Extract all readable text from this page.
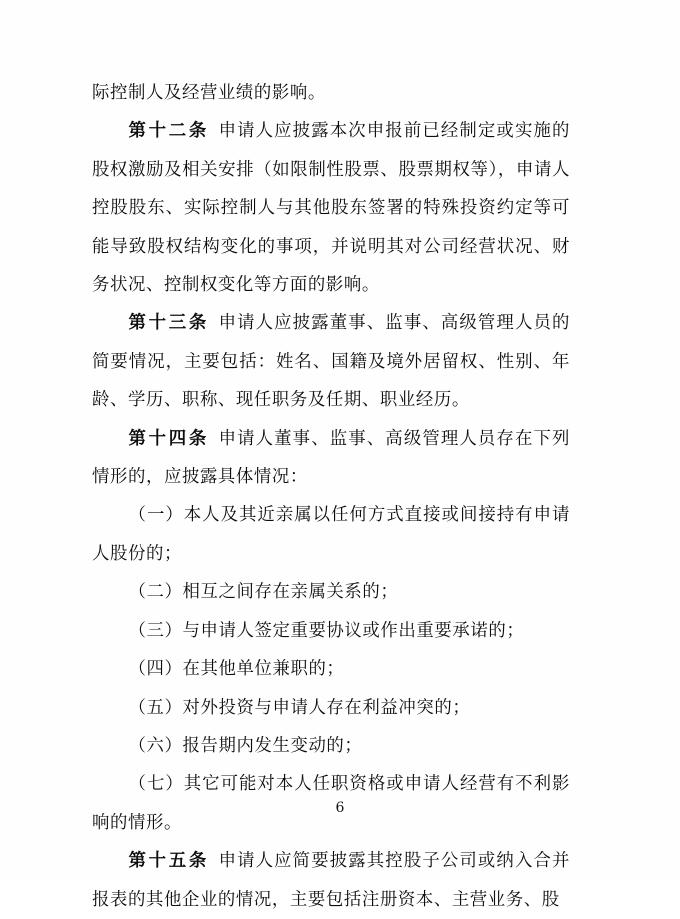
际控制人及经营业绩的影响。

第十二条 申请人应披露本次申报前已经制定或实施的股权激励及相关安排（如限制性股票、股票期权等），申请人控股股东、实际控制人与其他股东签署的特殊投资约定等可能导致股权结构变化的事项，并说明其对公司经营状况、财务状况、控制权变化等方面的影响。

第十三条 申请人应披露董事、监事、高级管理人员的简要情况，主要包括：姓名、国籍及境外居留权、性别、年龄、学历、职称、现任职务及任期、职业经历。

第十四条 申请人董事、监事、高级管理人员存在下列情形的，应披露具体情况：

（一）本人及其近亲属以任何方式直接或间接持有申请人股份的；

（二）相互之间存在亲属关系的；

（三）与申请人签定重要协议或作出重要承诺的；

（四）在其他单位兼职的；

（五）对外投资与申请人存在利益冲突的；

（六）报告期内发生变动的；

（七）其它可能对本人任职资格或申请人经营有不利影响的情形。

第十五条 申请人应简要披露其控股子公司或纳入合并报表的其他企业的情况，主要包括注册资本、主营业务、股

6
